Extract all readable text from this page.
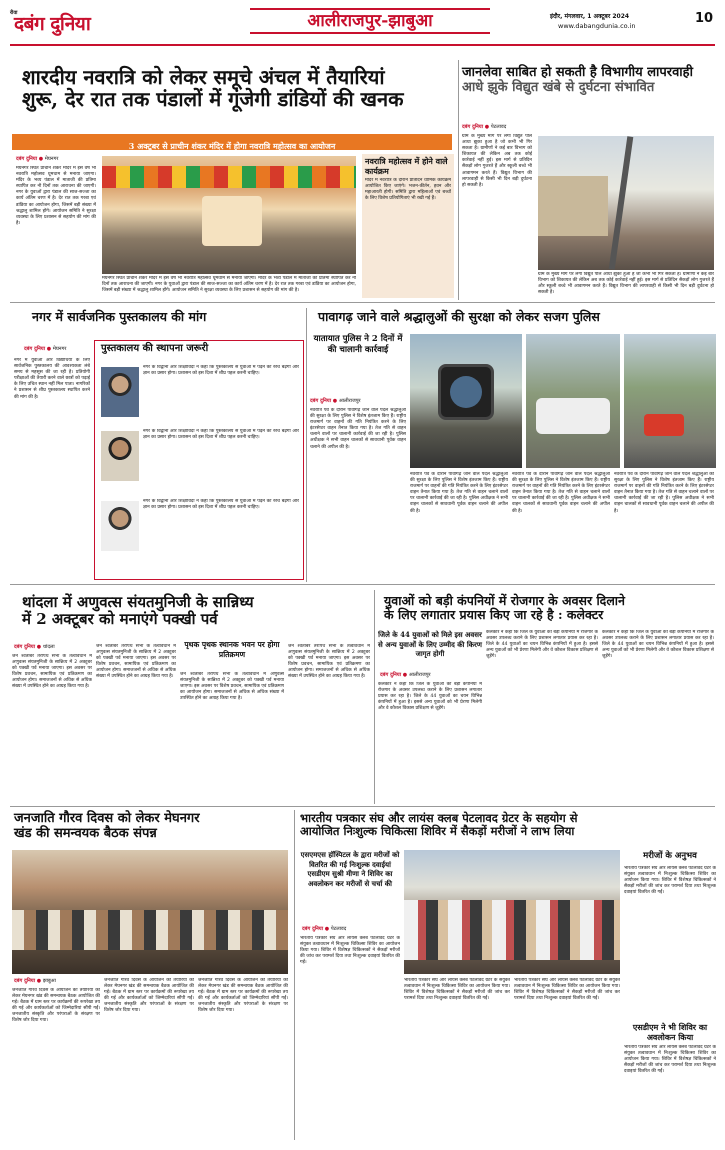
रीवा
दबंग दुनिया	आलीराजपुर-झाबुआ	इंदौर, मंगलवार, 1 अक्टूबर 2024
www.dabangdunia.co.in	10
शारदीय नवरात्रि को लेकर समूचे अंचल में तैयारियां
शुरू, देर रात तक पंडालों में गूंजेगी डांडियों की खनक
3 अक्टूबर से प्राचीन शंकर मंदिर में होगा नवरात्रि महोत्सव का आयोजन
दबंग दुनिया ● मेघनगर
मेघनगर स्थित प्राचीन शंकर मंदिर में इस वर्ष भी नवरात्रि महोत्सव धूमधाम से मनाया जाएगा। मंदिर के भव्य पंडाल में माताजी की प्रतिमा स्थापित कर नौ दिनों तक आराधना की जाएगी। नगर के युवाओं द्वारा पंडाल की साज-सज्जा का कार्य अंतिम चरण में है। देर रात तक गरबा एवं डांडिया का आयोजन होगा, जिसमें बड़ी संख्या में श्रद्धालु शामिल होंगे। आयोजन समिति ने सुरक्षा व्यवस्था के लिए प्रशासन से सहयोग की मांग की है।
मेघनगर स्थित प्राचीन शंकर मंदिर में इस वर्ष भी नवरात्रि महोत्सव धूमधाम से मनाया जाएगा। मंदिर के भव्य पंडाल में माताजी की प्रतिमा स्थापित कर नौ दिनों तक आराधना की जाएगी। नगर के युवाओं द्वारा पंडाल की साज-सज्जा का कार्य अंतिम चरण में है। देर रात तक गरबा एवं डांडिया का आयोजन होगा, जिसमें बड़ी संख्या में श्रद्धालु शामिल होंगे। आयोजन समिति ने सुरक्षा व्यवस्था के लिए प्रशासन से सहयोग की मांग की है।
नवरात्रि महोत्सव में होने वाले कार्यक्रम
मंदिर में नवरात्रि के दौरान प्रतिदिन धार्मिक कार्यक्रम आयोजित किए जाएंगे। भजन-कीर्तन, हवन और महाआरती होगी। समिति द्वारा महिलाओं एवं बच्चों के लिए विशेष प्रतियोगिताएं भी रखी गई हैं।
जानलेवा साबित हो सकती है विभागीय लापरवाही
आधे झुके विद्युत खंबे से दुर्घटना संभावित
दबंग दुनिया ● पेटलावद
ग्राम के मुख्य मार्ग पर लगा विद्युत पोल आधा झुका हुआ है जो कभी भी गिर सकता है। ग्रामीणों ने कई बार विभाग को शिकायत की लेकिन अब तक कोई कार्रवाई नहीं हुई। इस मार्ग से प्रतिदिन सैकड़ों लोग गुजरते हैं और स्कूली बच्चे भी आवागमन करते हैं। विद्युत विभाग की लापरवाही से किसी भी दिन बड़ी दुर्घटना हो सकती है।
ग्राम के मुख्य मार्ग पर लगा विद्युत पोल आधा झुका हुआ है जो कभी भी गिर सकता है। ग्रामीणों ने कई बार विभाग को शिकायत की लेकिन अब तक कोई कार्रवाई नहीं हुई। इस मार्ग से प्रतिदिन सैकड़ों लोग गुजरते हैं और स्कूली बच्चे भी आवागमन करते हैं। विद्युत विभाग की लापरवाही से किसी भी दिन बड़ी दुर्घटना हो सकती है।
नगर में सार्वजनिक पुस्तकालय की मांग
दबंग दुनिया ● मेघनगर
नगर में युवाओं और विद्यार्थियों के लिए सार्वजनिक पुस्तकालय की आवश्यकता लंबे समय से महसूस की जा रही है। प्रतियोगी परीक्षाओं की तैयारी करने वाले छात्रों को पढ़ाई के लिए उचित स्थान नहीं मिल पाता। नागरिकों ने प्रशासन से शीघ्र पुस्तकालय स्थापित करने की मांग की है।
पुस्तकालय की स्थापना जरूरी
नगर के विद्वानों और शिक्षाविदों ने कहा कि पुस्तकालय से युवाओं में पढ़ने की रुचि बढ़ेगी और ज्ञान का प्रसार होगा। प्रशासन को इस दिशा में शीघ्र पहल करनी चाहिए।
नगर के विद्वानों और शिक्षाविदों ने कहा कि पुस्तकालय से युवाओं में पढ़ने की रुचि बढ़ेगी और ज्ञान का प्रसार होगा। प्रशासन को इस दिशा में शीघ्र पहल करनी चाहिए।
नगर के विद्वानों और शिक्षाविदों ने कहा कि पुस्तकालय से युवाओं में पढ़ने की रुचि बढ़ेगी और ज्ञान का प्रसार होगा। प्रशासन को इस दिशा में शीघ्र पहल करनी चाहिए।
पावागढ़ जाने वाले श्रद्धालुओं की सुरक्षा को लेकर सजग पुलिस
यातायात पुलिस ने 2 दिनों में की चालानी कार्रवाई
दबंग दुनिया ● आलीराजपुर
नवरात्रि पर्व के दौरान पावागढ़ जाने वाले पैदल श्रद्धालुओं की सुरक्षा के लिए पुलिस ने विशेष इंतजाम किए हैं। राष्ट्रीय राजमार्ग पर वाहनों की गति नियंत्रित करने के लिए इंटरसेप्टर वाहन तैनात किया गया है। तेज गति से वाहन चलाने वालों पर चालानी कार्रवाई की जा रही है। पुलिस अधीक्षक ने सभी वाहन चालकों से सावधानी पूर्वक वाहन चलाने की अपील की है।
नवरात्रि पर्व के दौरान पावागढ़ जाने वाले पैदल श्रद्धालुओं की सुरक्षा के लिए पुलिस ने विशेष इंतजाम किए हैं। राष्ट्रीय राजमार्ग पर वाहनों की गति नियंत्रित करने के लिए इंटरसेप्टर वाहन तैनात किया गया है। तेज गति से वाहन चलाने वालों पर चालानी कार्रवाई की जा रही है। पुलिस अधीक्षक ने सभी वाहन चालकों से सावधानी पूर्वक वाहन चलाने की अपील की है।
नवरात्रि पर्व के दौरान पावागढ़ जाने वाले पैदल श्रद्धालुओं की सुरक्षा के लिए पुलिस ने विशेष इंतजाम किए हैं। राष्ट्रीय राजमार्ग पर वाहनों की गति नियंत्रित करने के लिए इंटरसेप्टर वाहन तैनात किया गया है। तेज गति से वाहन चलाने वालों पर चालानी कार्रवाई की जा रही है। पुलिस अधीक्षक ने सभी वाहन चालकों से सावधानी पूर्वक वाहन चलाने की अपील की है।
नवरात्रि पर्व के दौरान पावागढ़ जाने वाले पैदल श्रद्धालुओं की सुरक्षा के लिए पुलिस ने विशेष इंतजाम किए हैं। राष्ट्रीय राजमार्ग पर वाहनों की गति नियंत्रित करने के लिए इंटरसेप्टर वाहन तैनात किया गया है। तेज गति से वाहन चलाने वालों पर चालानी कार्रवाई की जा रही है। पुलिस अधीक्षक ने सभी वाहन चालकों से सावधानी पूर्वक वाहन चलाने की अपील की है।
थांदला में अणुवत्स संयतमुनिजी के सान्निध्य
में 2 अक्टूबर को मनाएंगे पक्खी पर्व
दबंग दुनिया ● थांदला
जैन श्वेतांबर तेरापंथ सभा के तत्वावधान में अणुवत्स संयतमुनिजी के सान्निध्य में 2 अक्टूबर को पक्खी पर्व मनाया जाएगा। इस अवसर पर विशेष प्रवचन, सामायिक एवं प्रतिक्रमण का आयोजन होगा। समाजजनों से अधिक से अधिक संख्या में उपस्थित होने का आग्रह किया गया है।
जैन श्वेतांबर तेरापंथ सभा के तत्वावधान में अणुवत्स संयतमुनिजी के सान्निध्य में 2 अक्टूबर को पक्खी पर्व मनाया जाएगा। इस अवसर पर विशेष प्रवचन, सामायिक एवं प्रतिक्रमण का आयोजन होगा। समाजजनों से अधिक से अधिक संख्या में उपस्थित होने का आग्रह किया गया है।
पृथक पृथक स्थानक भवन पर होगा प्रतिक्रमण
जैन श्वेतांबर तेरापंथ सभा के तत्वावधान में अणुवत्स संयतमुनिजी के सान्निध्य में 2 अक्टूबर को पक्खी पर्व मनाया जाएगा। इस अवसर पर विशेष प्रवचन, सामायिक एवं प्रतिक्रमण का आयोजन होगा। समाजजनों से अधिक से अधिक संख्या में उपस्थित होने का आग्रह किया गया है।
जैन श्वेतांबर तेरापंथ सभा के तत्वावधान में अणुवत्स संयतमुनिजी के सान्निध्य में 2 अक्टूबर को पक्खी पर्व मनाया जाएगा। इस अवसर पर विशेष प्रवचन, सामायिक एवं प्रतिक्रमण का आयोजन होगा। समाजजनों से अधिक से अधिक संख्या में उपस्थित होने का आग्रह किया गया है।
युवाओं को बड़ी कंपनियों में रोजगार के अवसर दिलाने
के लिए लगातार प्रयास किए जा रहे है : कलेक्टर
जिले के 44 युवाओं को मिले इस अवसर से अन्य युवाओं के लिए उम्मीद की किरण जागृत होगी
दबंग दुनिया ● आलीराजपुर
कलेक्टर ने कहा कि जिले के युवाओं को बड़ी कंपनियों में रोजगार के अवसर उपलब्ध कराने के लिए प्रशासन लगातार प्रयास कर रहा है। जिले के 44 युवाओं का चयन विभिन्न कंपनियों में हुआ है। इससे अन्य युवाओं को भी प्रेरणा मिलेगी और वे कौशल विकास प्रशिक्षण से जुड़ेंगे।
कलेक्टर ने कहा कि जिले के युवाओं को बड़ी कंपनियों में रोजगार के अवसर उपलब्ध कराने के लिए प्रशासन लगातार प्रयास कर रहा है। जिले के 44 युवाओं का चयन विभिन्न कंपनियों में हुआ है। इससे अन्य युवाओं को भी प्रेरणा मिलेगी और वे कौशल विकास प्रशिक्षण से जुड़ेंगे।
कलेक्टर ने कहा कि जिले के युवाओं को बड़ी कंपनियों में रोजगार के अवसर उपलब्ध कराने के लिए प्रशासन लगातार प्रयास कर रहा है। जिले के 44 युवाओं का चयन विभिन्न कंपनियों में हुआ है। इससे अन्य युवाओं को भी प्रेरणा मिलेगी और वे कौशल विकास प्रशिक्षण से जुड़ेंगे।
जनजाति गौरव दिवस को लेकर मेघनगर
खंड की समन्वयक बैठक संपन्न
दबंग दुनिया ● झाबुआ
जनजाति गौरव दिवस के आयोजन की तैयारियों को लेकर मेघनगर खंड की समन्वयक बैठक आयोजित की गई। बैठक में ग्राम स्तर पर कार्यक्रमों की रूपरेखा तय की गई और कार्यकर्ताओं को जिम्मेदारियां सौंपी गईं। जनजातीय संस्कृति और परंपराओं के संरक्षण पर विशेष जोर दिया गया।
जनजाति गौरव दिवस के आयोजन की तैयारियों को लेकर मेघनगर खंड की समन्वयक बैठक आयोजित की गई। बैठक में ग्राम स्तर पर कार्यक्रमों की रूपरेखा तय की गई और कार्यकर्ताओं को जिम्मेदारियां सौंपी गईं। जनजातीय संस्कृति और परंपराओं के संरक्षण पर विशेष जोर दिया गया।
जनजाति गौरव दिवस के आयोजन की तैयारियों को लेकर मेघनगर खंड की समन्वयक बैठक आयोजित की गई। बैठक में ग्राम स्तर पर कार्यक्रमों की रूपरेखा तय की गई और कार्यकर्ताओं को जिम्मेदारियां सौंपी गईं। जनजातीय संस्कृति और परंपराओं के संरक्षण पर विशेष जोर दिया गया।
भारतीय पत्रकार संघ और लायंस क्लब पेटलावद ग्रेटर के सहयोग से
आयोजित निःशुल्क चिकित्सा शिविर में सैकड़ों मरीजों ने लाभ लिया
एसएमएस हॉस्पिटल के द्वारा मरीजों को वितरित की गई निःशुल्क दवाईयां एसडीएम सुश्री मीणा ने शिविर का अवलोकन कर मरीजों से चर्चा की
दबंग दुनिया ● पेटलावद
भारतीय पत्रकार संघ और लायंस क्लब पेटलावद ग्रेटर के संयुक्त तत्वावधान में निःशुल्क चिकित्सा शिविर का आयोजन किया गया। शिविर में विशेषज्ञ चिकित्सकों ने सैकड़ों मरीजों की जांच कर परामर्श दिया तथा निःशुल्क दवाइयां वितरित की गईं।
भारतीय पत्रकार संघ और लायंस क्लब पेटलावद ग्रेटर के संयुक्त तत्वावधान में निःशुल्क चिकित्सा शिविर का आयोजन किया गया। शिविर में विशेषज्ञ चिकित्सकों ने सैकड़ों मरीजों की जांच कर परामर्श दिया तथा निःशुल्क दवाइयां वितरित की गईं।
भारतीय पत्रकार संघ और लायंस क्लब पेटलावद ग्रेटर के संयुक्त तत्वावधान में निःशुल्क चिकित्सा शिविर का आयोजन किया गया। शिविर में विशेषज्ञ चिकित्सकों ने सैकड़ों मरीजों की जांच कर परामर्श दिया तथा निःशुल्क दवाइयां वितरित की गईं।
मरीजों के अनुभव
भारतीय पत्रकार संघ और लायंस क्लब पेटलावद ग्रेटर के संयुक्त तत्वावधान में निःशुल्क चिकित्सा शिविर का आयोजन किया गया। शिविर में विशेषज्ञ चिकित्सकों ने सैकड़ों मरीजों की जांच कर परामर्श दिया तथा निःशुल्क दवाइयां वितरित की गईं।
एसडीएम ने भी शिविर का अवलोकन किया
भारतीय पत्रकार संघ और लायंस क्लब पेटलावद ग्रेटर के संयुक्त तत्वावधान में निःशुल्क चिकित्सा शिविर का आयोजन किया गया। शिविर में विशेषज्ञ चिकित्सकों ने सैकड़ों मरीजों की जांच कर परामर्श दिया तथा निःशुल्क दवाइयां वितरित की गईं।
